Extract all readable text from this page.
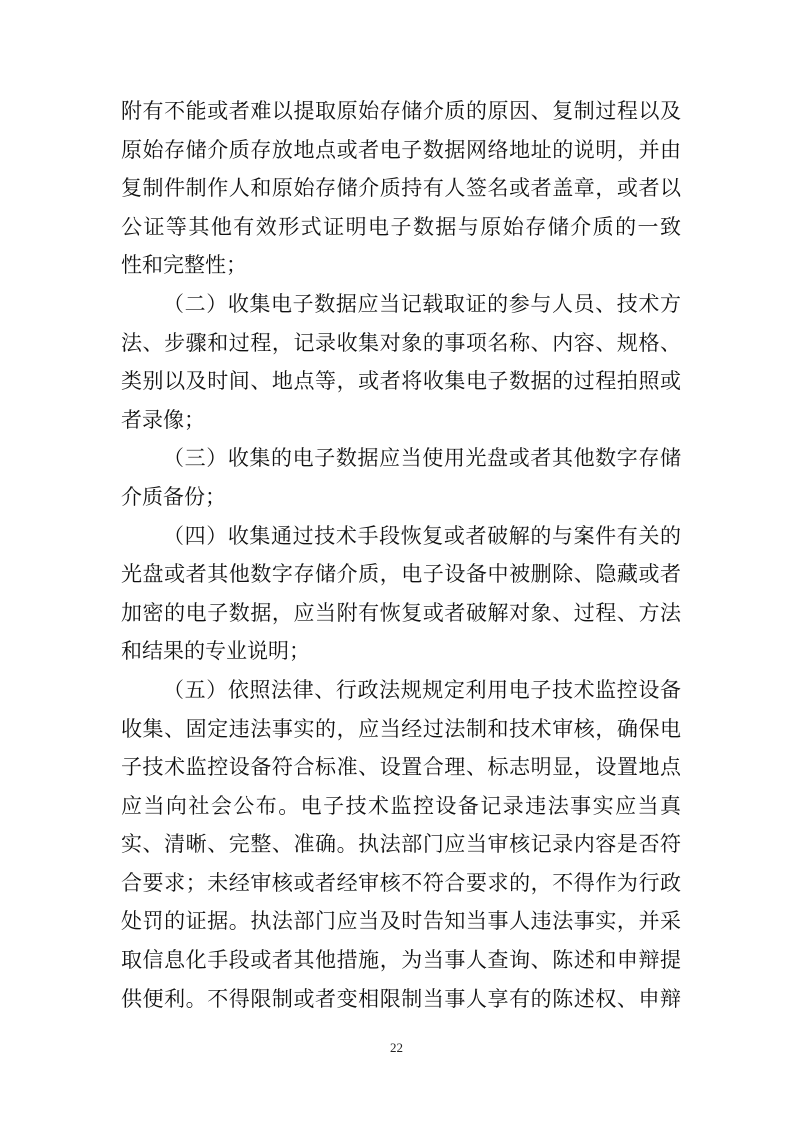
附有不能或者难以提取原始存储介质的原因、复制过程以及
原始存储介质存放地点或者电子数据网络地址的说明，并由
复制件制作人和原始存储介质持有人签名或者盖章，或者以
公证等其他有效形式证明电子数据与原始存储介质的一致
性和完整性；
（二）收集电子数据应当记载取证的参与人员、技术方
法、步骤和过程，记录收集对象的事项名称、内容、规格、
类别以及时间、地点等，或者将收集电子数据的过程拍照或
者录像；
（三）收集的电子数据应当使用光盘或者其他数字存储
介质备份；
（四）收集通过技术手段恢复或者破解的与案件有关的
光盘或者其他数字存储介质，电子设备中被删除、隐藏或者
加密的电子数据，应当附有恢复或者破解对象、过程、方法
和结果的专业说明；
（五）依照法律、行政法规规定利用电子技术监控设备
收集、固定违法事实的，应当经过法制和技术审核，确保电
子技术监控设备符合标准、设置合理、标志明显，设置地点
应当向社会公布。电子技术监控设备记录违法事实应当真
实、清晰、完整、准确。执法部门应当审核记录内容是否符
合要求；未经审核或者经审核不符合要求的，不得作为行政
处罚的证据。执法部门应当及时告知当事人违法事实，并采
取信息化手段或者其他措施，为当事人查询、陈述和申辩提
供便利。不得限制或者变相限制当事人享有的陈述权、申辩
22
